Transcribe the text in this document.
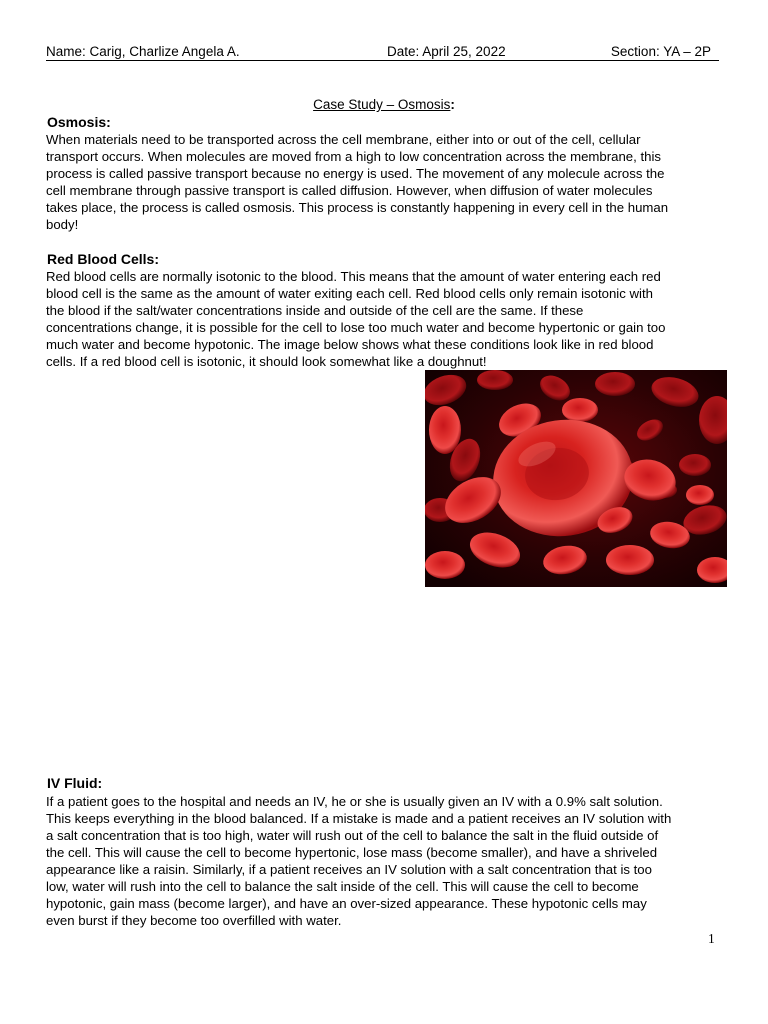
Name: Carig, Charlize Angela A.	Date: April 25, 2022	Section: YA – 2P
Case Study – Osmosis:
Osmosis:
When materials need to be transported across the cell membrane, either into or out of the cell, cellular
transport occurs. When molecules are moved from a high to low concentration across the membrane, this
process is called passive transport because no energy is used. The movement of any molecule across the
cell membrane through passive transport is called diffusion. However, when diffusion of water molecules
takes place, the process is called osmosis. This process is constantly happening in every cell in the human
body!
Red Blood Cells:
Red blood cells are normally isotonic to the blood. This means that the amount of water entering each red
blood cell is the same as the amount of water exiting each cell. Red blood cells only remain isotonic with
the blood if the salt/water concentrations inside and outside of the cell are the same. If these
concentrations change, it is possible for the cell to lose too much water and become hypertonic or gain too
much water and become hypotonic. The image below shows what these conditions look like in red blood
cells. If a red blood cell is isotonic, it should look somewhat like a doughnut!
IV Fluid:
If a patient goes to the hospital and needs an IV, he or she is usually given an IV with a 0.9% salt solution.
This keeps everything in the blood balanced. If a mistake is made and a patient receives an IV solution with
a salt concentration that is too high, water will rush out of the cell to balance the salt in the fluid outside of
the cell. This will cause the cell to become hypertonic, lose mass (become smaller), and have a shriveled
appearance like a raisin. Similarly, if a patient receives an IV solution with a salt concentration that is too
low, water will rush into the cell to balance the salt inside of the cell. This will cause the cell to become
hypotonic, gain mass (become larger), and have an over-sized appearance. These hypotonic cells may
even burst if they become too overfilled with water.
1
